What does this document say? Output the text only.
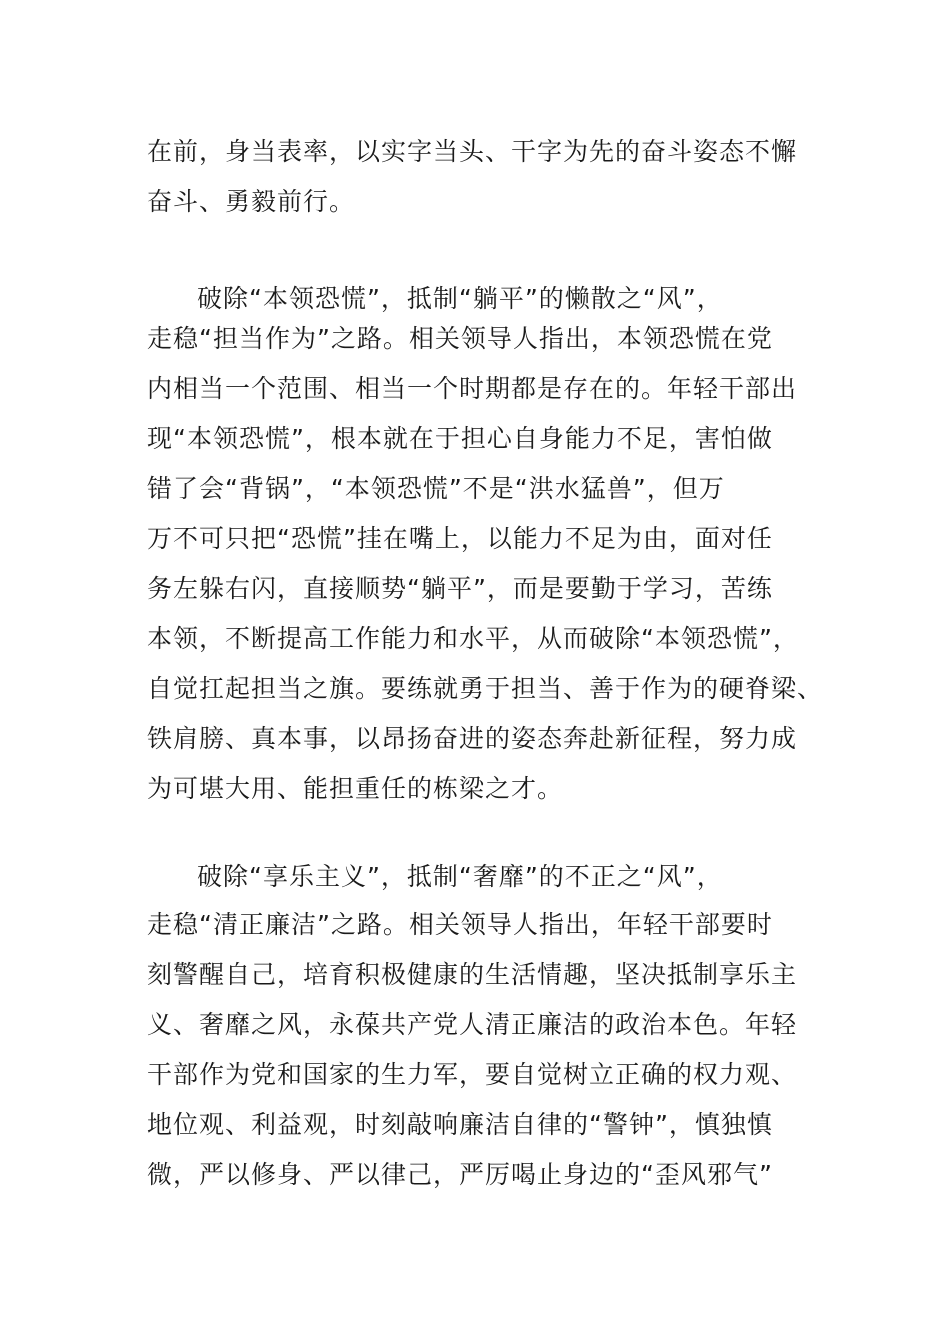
在前，身当表率，以实字当头、干字为先的奋斗姿态不懈

奋斗、勇毅前行。

破除“本领恐慌”，抵制“躺平”的懒散之“风”，

走稳“担当作为”之路。相关领导人指出，本领恐慌在党

内相当一个范围、相当一个时期都是存在的。年轻干部出

现“本领恐慌”，根本就在于担心自身能力不足，害怕做

错了会“背锅”，“本领恐慌”不是“洪水猛兽”，但万

万不可只把“恐慌”挂在嘴上，以能力不足为由，面对任

务左躲右闪，直接顺势“躺平”，而是要勤于学习，苦练

本领，不断提高工作能力和水平，从而破除“本领恐慌”，

自觉扛起担当之旗。要练就勇于担当、善于作为的硬脊梁、

铁肩膀、真本事，以昂扬奋进的姿态奔赴新征程，努力成

为可堪大用、能担重任的栋梁之才。

破除“享乐主义”，抵制“奢靡”的不正之“风”，

走稳“清正廉洁”之路。相关领导人指出，年轻干部要时

刻警醒自己，培育积极健康的生活情趣，坚决抵制享乐主

义、奢靡之风，永葆共产党人清正廉洁的政治本色。年轻

干部作为党和国家的生力军，要自觉树立正确的权力观、

地位观、利益观，时刻敲响廉洁自律的“警钟”，慎独慎

微，严以修身、严以律己，严厉喝止身边的“歪风邪气”
